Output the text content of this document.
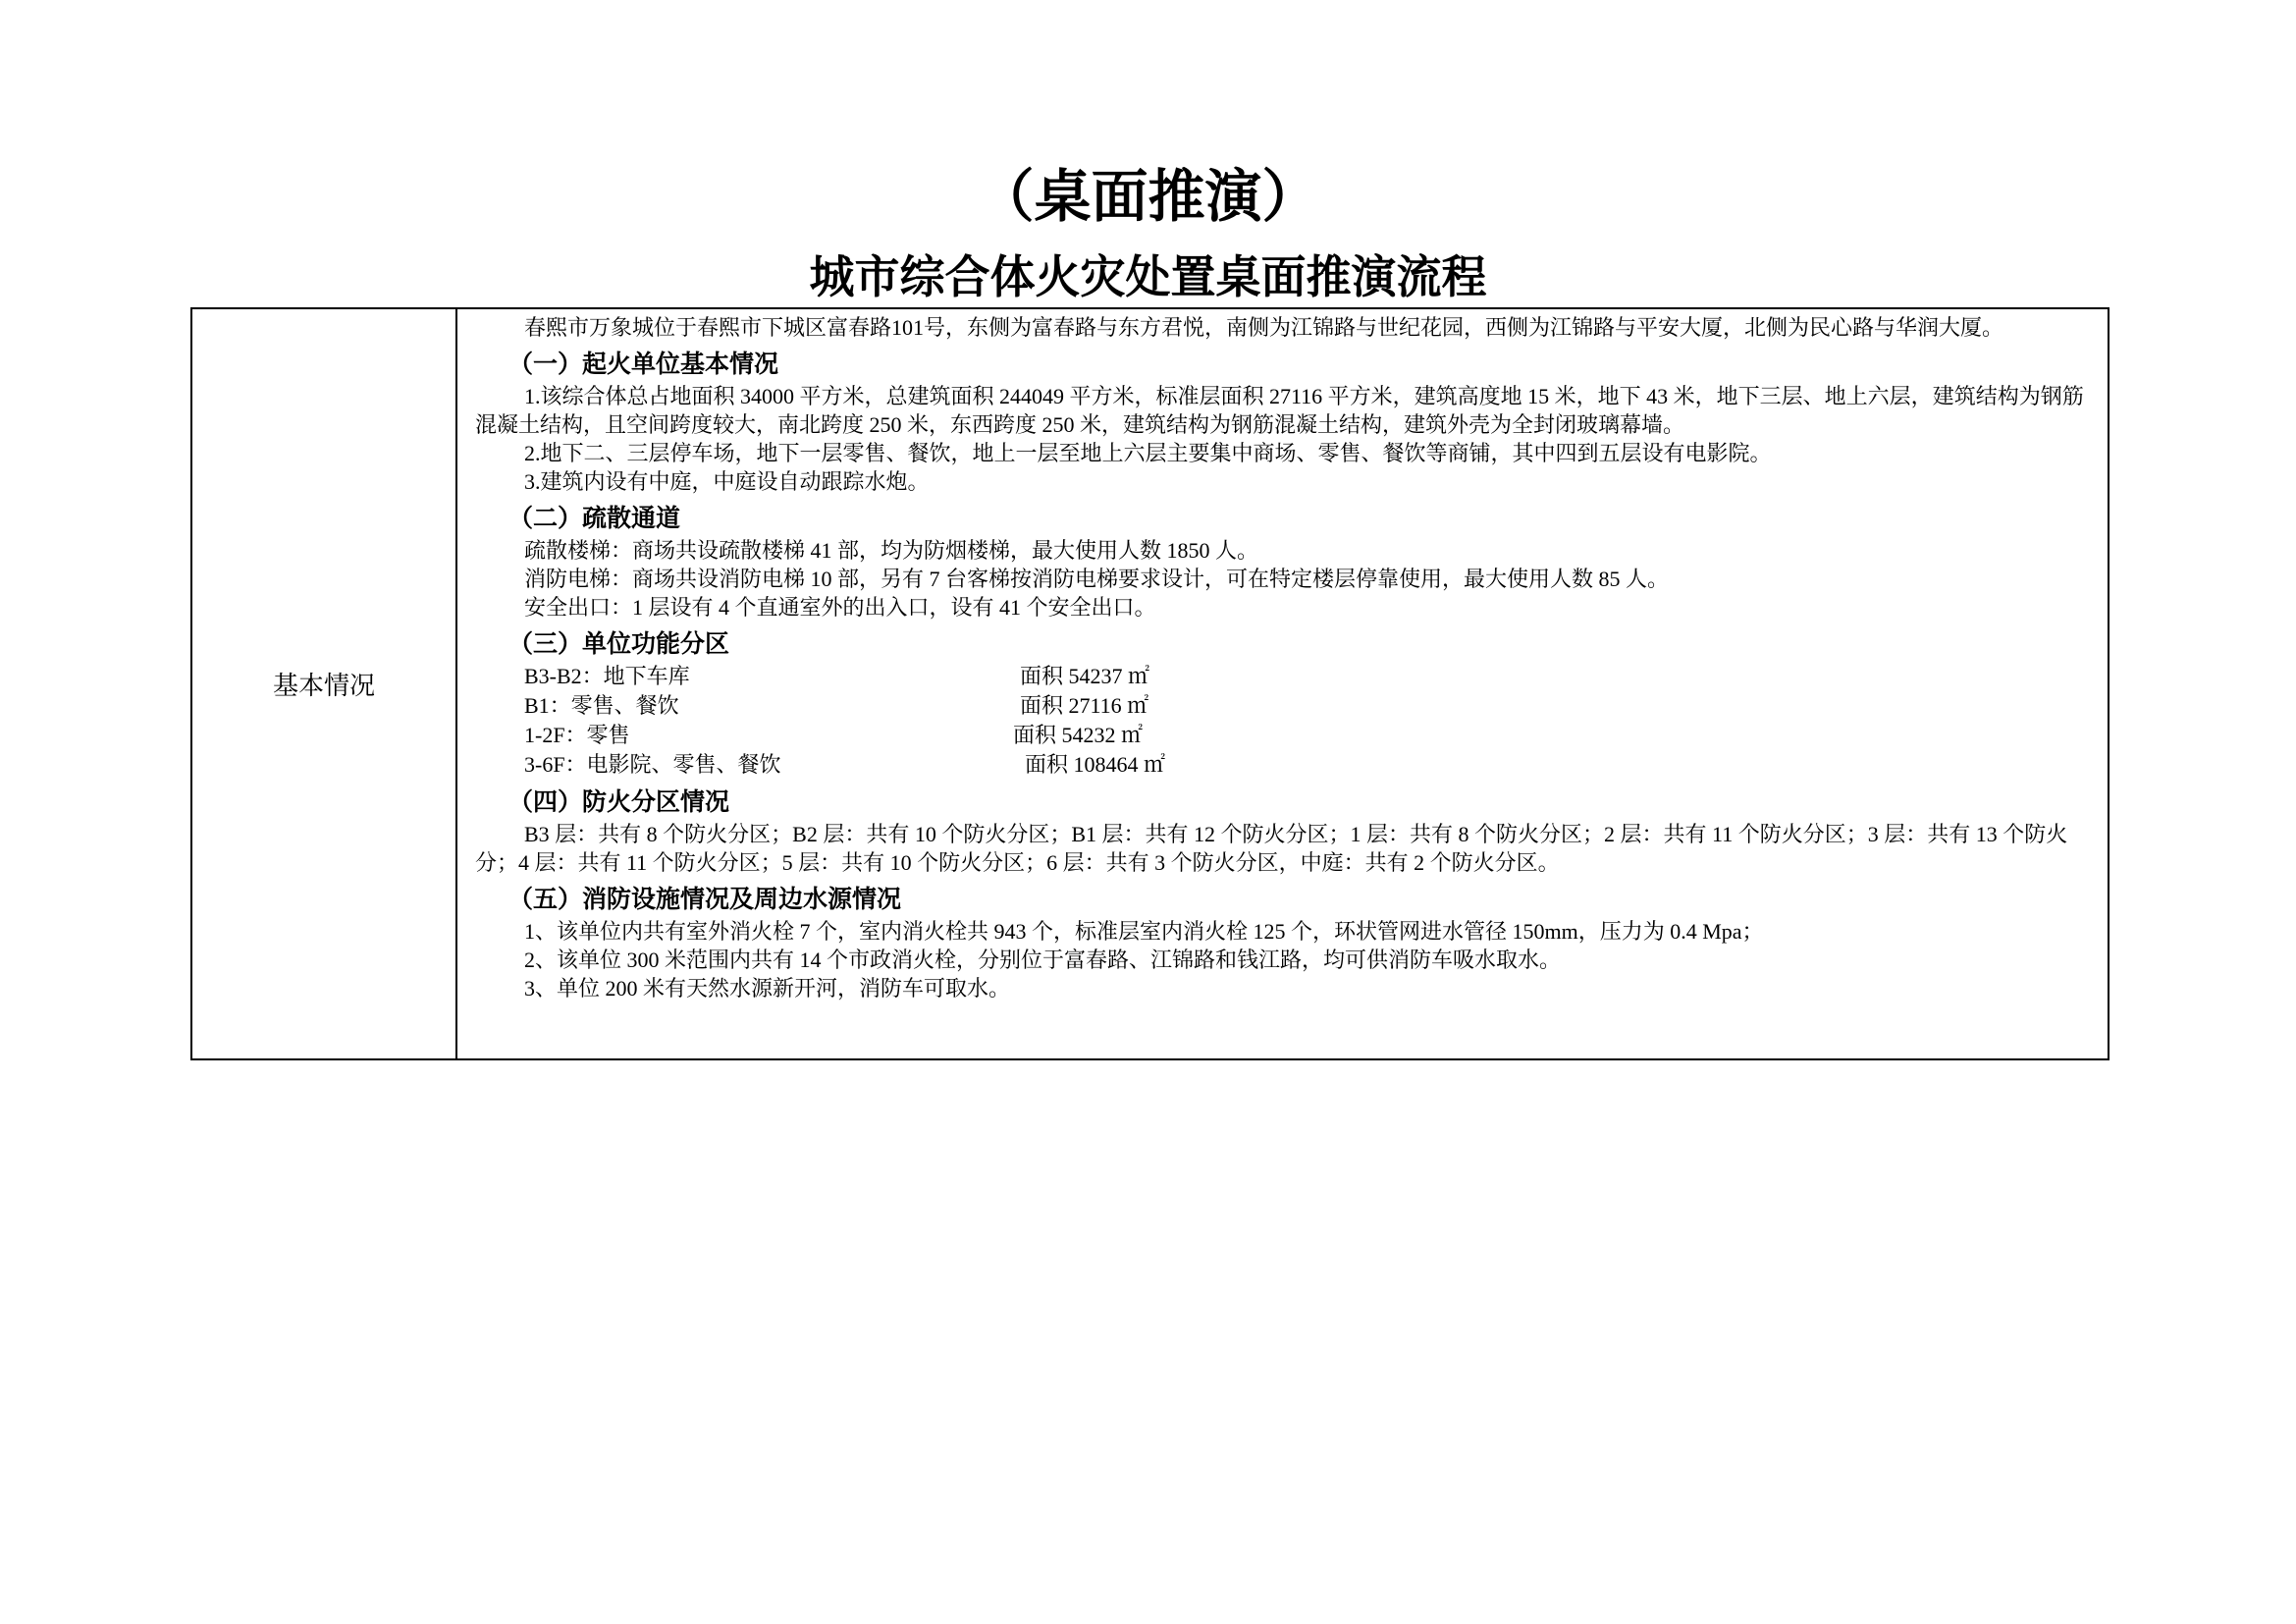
（桌面推演）
城市综合体火灾处置桌面推演流程
基本情况

春熙市万象城位于春熙市下城区富春路101号，东侧为富春路与东方君悦，南侧为江锦路与世纪花园，西侧为江锦路与平安大厦，北侧为民心路与华润大厦。

（一）起火单位基本情况

1.该综合体总占地面积 34000 平方米，总建筑面积 244049 平方米，标准层面积 27116 平方米，建筑高度地 15 米，地下 43 米，地下三层、地上六层，建筑结构为钢筋混凝土结构，且空间跨度较大，南北跨度 250 米，东西跨度 250 米，建筑结构为钢筋混凝土结构，建筑外壳为全封闭玻璃幕墙。

2.地下二、三层停车场，地下一层零售、餐饮，地上一层至地上六层主要集中商场、零售、餐饮等商铺，其中四到五层设有电影院。

3.建筑内设有中庭，中庭设自动跟踪水炮。

（二）疏散通道

疏散楼梯：商场共设疏散楼梯 41 部，均为防烟楼梯，最大使用人数 1850 人。

消防电梯：商场共设消防电梯 10 部，另有 7 台客梯按消防电梯要求设计，可在特定楼层停靠使用，最大使用人数 85 人。

安全出口：1 层设有 4 个直通室外的出入口，设有 41 个安全出口。

（三）单位功能分区
B3-B2：地下车库	面积 54237 ㎡
B1：零售、餐饮	面积 27116 ㎡
1-2F：零售	面积 54232 ㎡
3-6F：电影院、零售、餐饮	面积 108464 ㎡
（四）防火分区情况

B3 层：共有 8 个防火分区；B2 层：共有 10 个防火分区；B1 层：共有 12 个防火分区；1 层：共有 8 个防火分区；2 层：共有 11 个防火分区；3 层：共有 13 个防火分；4 层：共有 11 个防火分区；5 层：共有 10 个防火分区；6 层：共有 3 个防火分区，中庭：共有 2 个防火分区。

（五）消防设施情况及周边水源情况

1、该单位内共有室外消火栓 7 个，室内消火栓共 943 个，标准层室内消火栓 125 个，环状管网进水管径 150mm，压力为 0.4 Mpa；

2、该单位 300 米范围内共有 14 个市政消火栓，分别位于富春路、江锦路和钱江路，均可供消防车吸水取水。

3、单位 200 米有天然水源新开河，消防车可取水。
